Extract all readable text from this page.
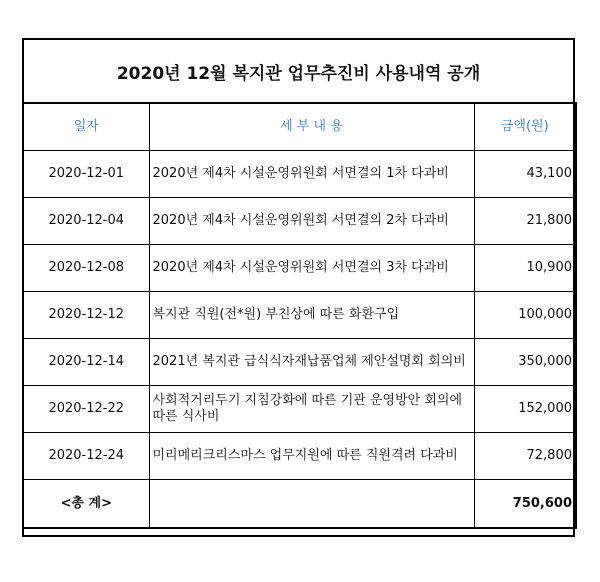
2020년 12월 복지관 업무추진비 사용내역 공개
일자	세 부 내 용	금액(원)
2020-12-01	2020년 제4차 시설운영위원회 서면결의 1차 다과비	43,100
2020-12-04	2020년 제4차 시설운영위원회 서면결의 2차 다과비	21,800
2020-12-08	2020년 제4차 시설운영위원회 서면결의 3차 다과비	10,900
2020-12-12	복지관 직원(전*원) 부친상에 따른 화환구입	100,000
2020-12-14	2021년 복지관 급식식자재납품업체 제안설명회 회의비	350,000
2020-12-22	사회적거리두기 지침강화에 따른 기관 운영방안 회의에 따른 식사비	152,000
2020-12-24	미리메리크리스마스 업무지원에 따른 직원격려 다과비	72,800
<총 계>		750,600
